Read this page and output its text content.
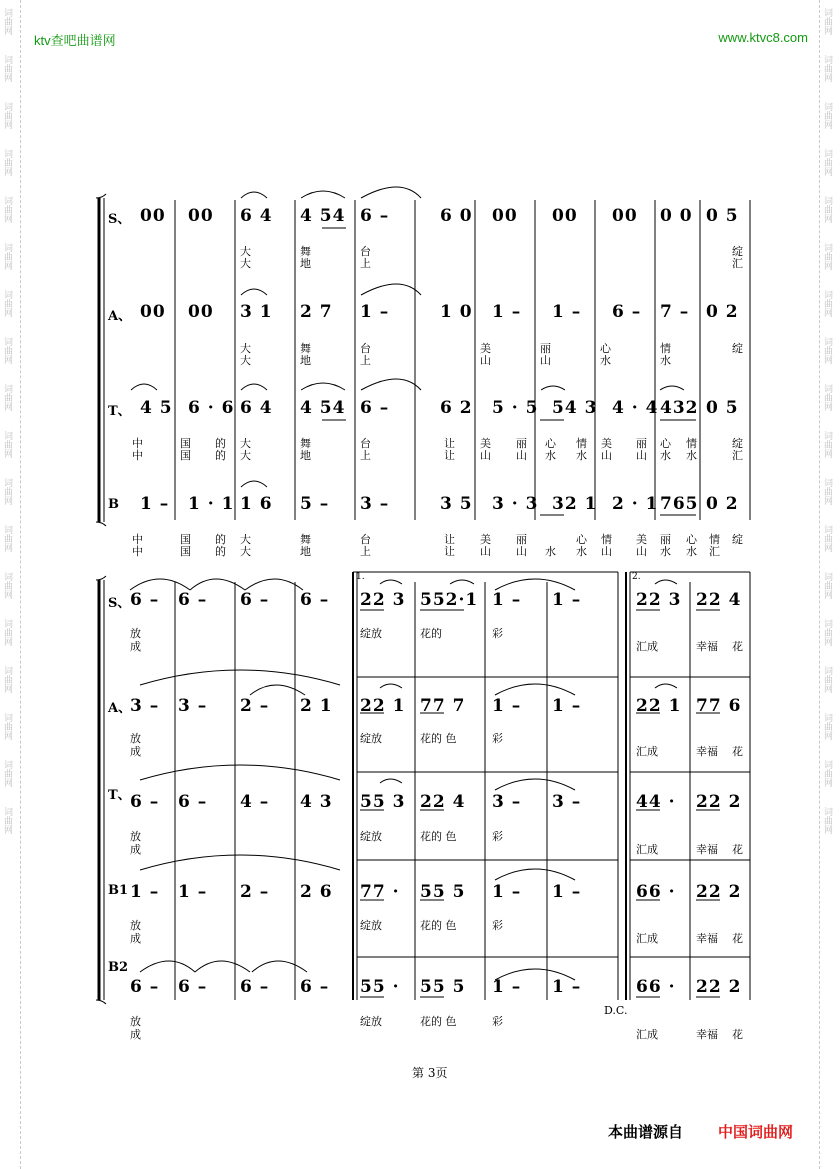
词曲网
词曲网
词曲网
词曲网
词曲网
词曲网
词曲网
词曲网
词曲网
词曲网
词曲网
词曲网
词曲网
词曲网
词曲网
词曲网
词曲网
词曲网
词曲网
词曲网
词曲网
词曲网
词曲网
词曲网
词曲网
词曲网
词曲网
词曲网
词曲网
词曲网
词曲网
词曲网
词曲网
词曲网
词曲网
词曲网
ktv查吧曲谱网	www.ktvc8.com
S、
A、
T、
B
00 00 6 4 4 54 6 –	6 0 00 00 00 0 0 0 5
00 00 3 1 2 7 1 –	1 0 1 – 1 – 6 – 7 – 0 2
4 5 6 · 6 6 4 4 54 6 –	6 2 5 · 5 54 3 4 · 4 432 0 5
1 – 1 · 1 1 6 5 – 3 –	3 5 3 · 3 32 1 2 · 1 765 0 2
大
大
舞
地
台
上
绽
汇
大
大
舞
地
台
上
美
山
丽
山
心
水
情
水
绽
中
中
国
国
的
的
大
大
舞
地
台
上
让
让
美
山
丽
山
心
水
情
水
美
山
丽
山
心
水
情
水
绽
汇
中	国 的 大	舞	台	让 美 丽	心 情 美 丽 心 情 绽
中	国 的 大	地	上	让 山 山 水 水 山 山 水 水 汇
S、
A、
T、
B1
B2
6 – 6 – 6 – 6 – 22 3 552·1 1 – 1 –	22 3 22 4
3 – 3 – 2 – 2 1 22 1 77 7 1 – 1 –	22 1 77 6
6 – 6 – 4 – 4 3 55 3 22 4 3 – 3 –	44 · 22 2
1 – 1 – 2 – 2 6 77 · 55 5 1 – 1 –	66 · 22 2
6 – 6 – 6 – 6 – 55 · 55 5 1 – 1 –	66 · 22 2
放
成
绽放	花的	彩
汇成	幸福 花
放
成
绽放	花的 色	彩
汇成	幸福 花
放
成
绽放	花的 色	彩
汇成	幸福 花
放
成
绽放	花的 色	彩
汇成	幸福 花
放
成
绽放	花的 色	彩
汇成	幸福 花
1.	2.
D.C.
第 3页
本曲谱源自 中国词曲网
